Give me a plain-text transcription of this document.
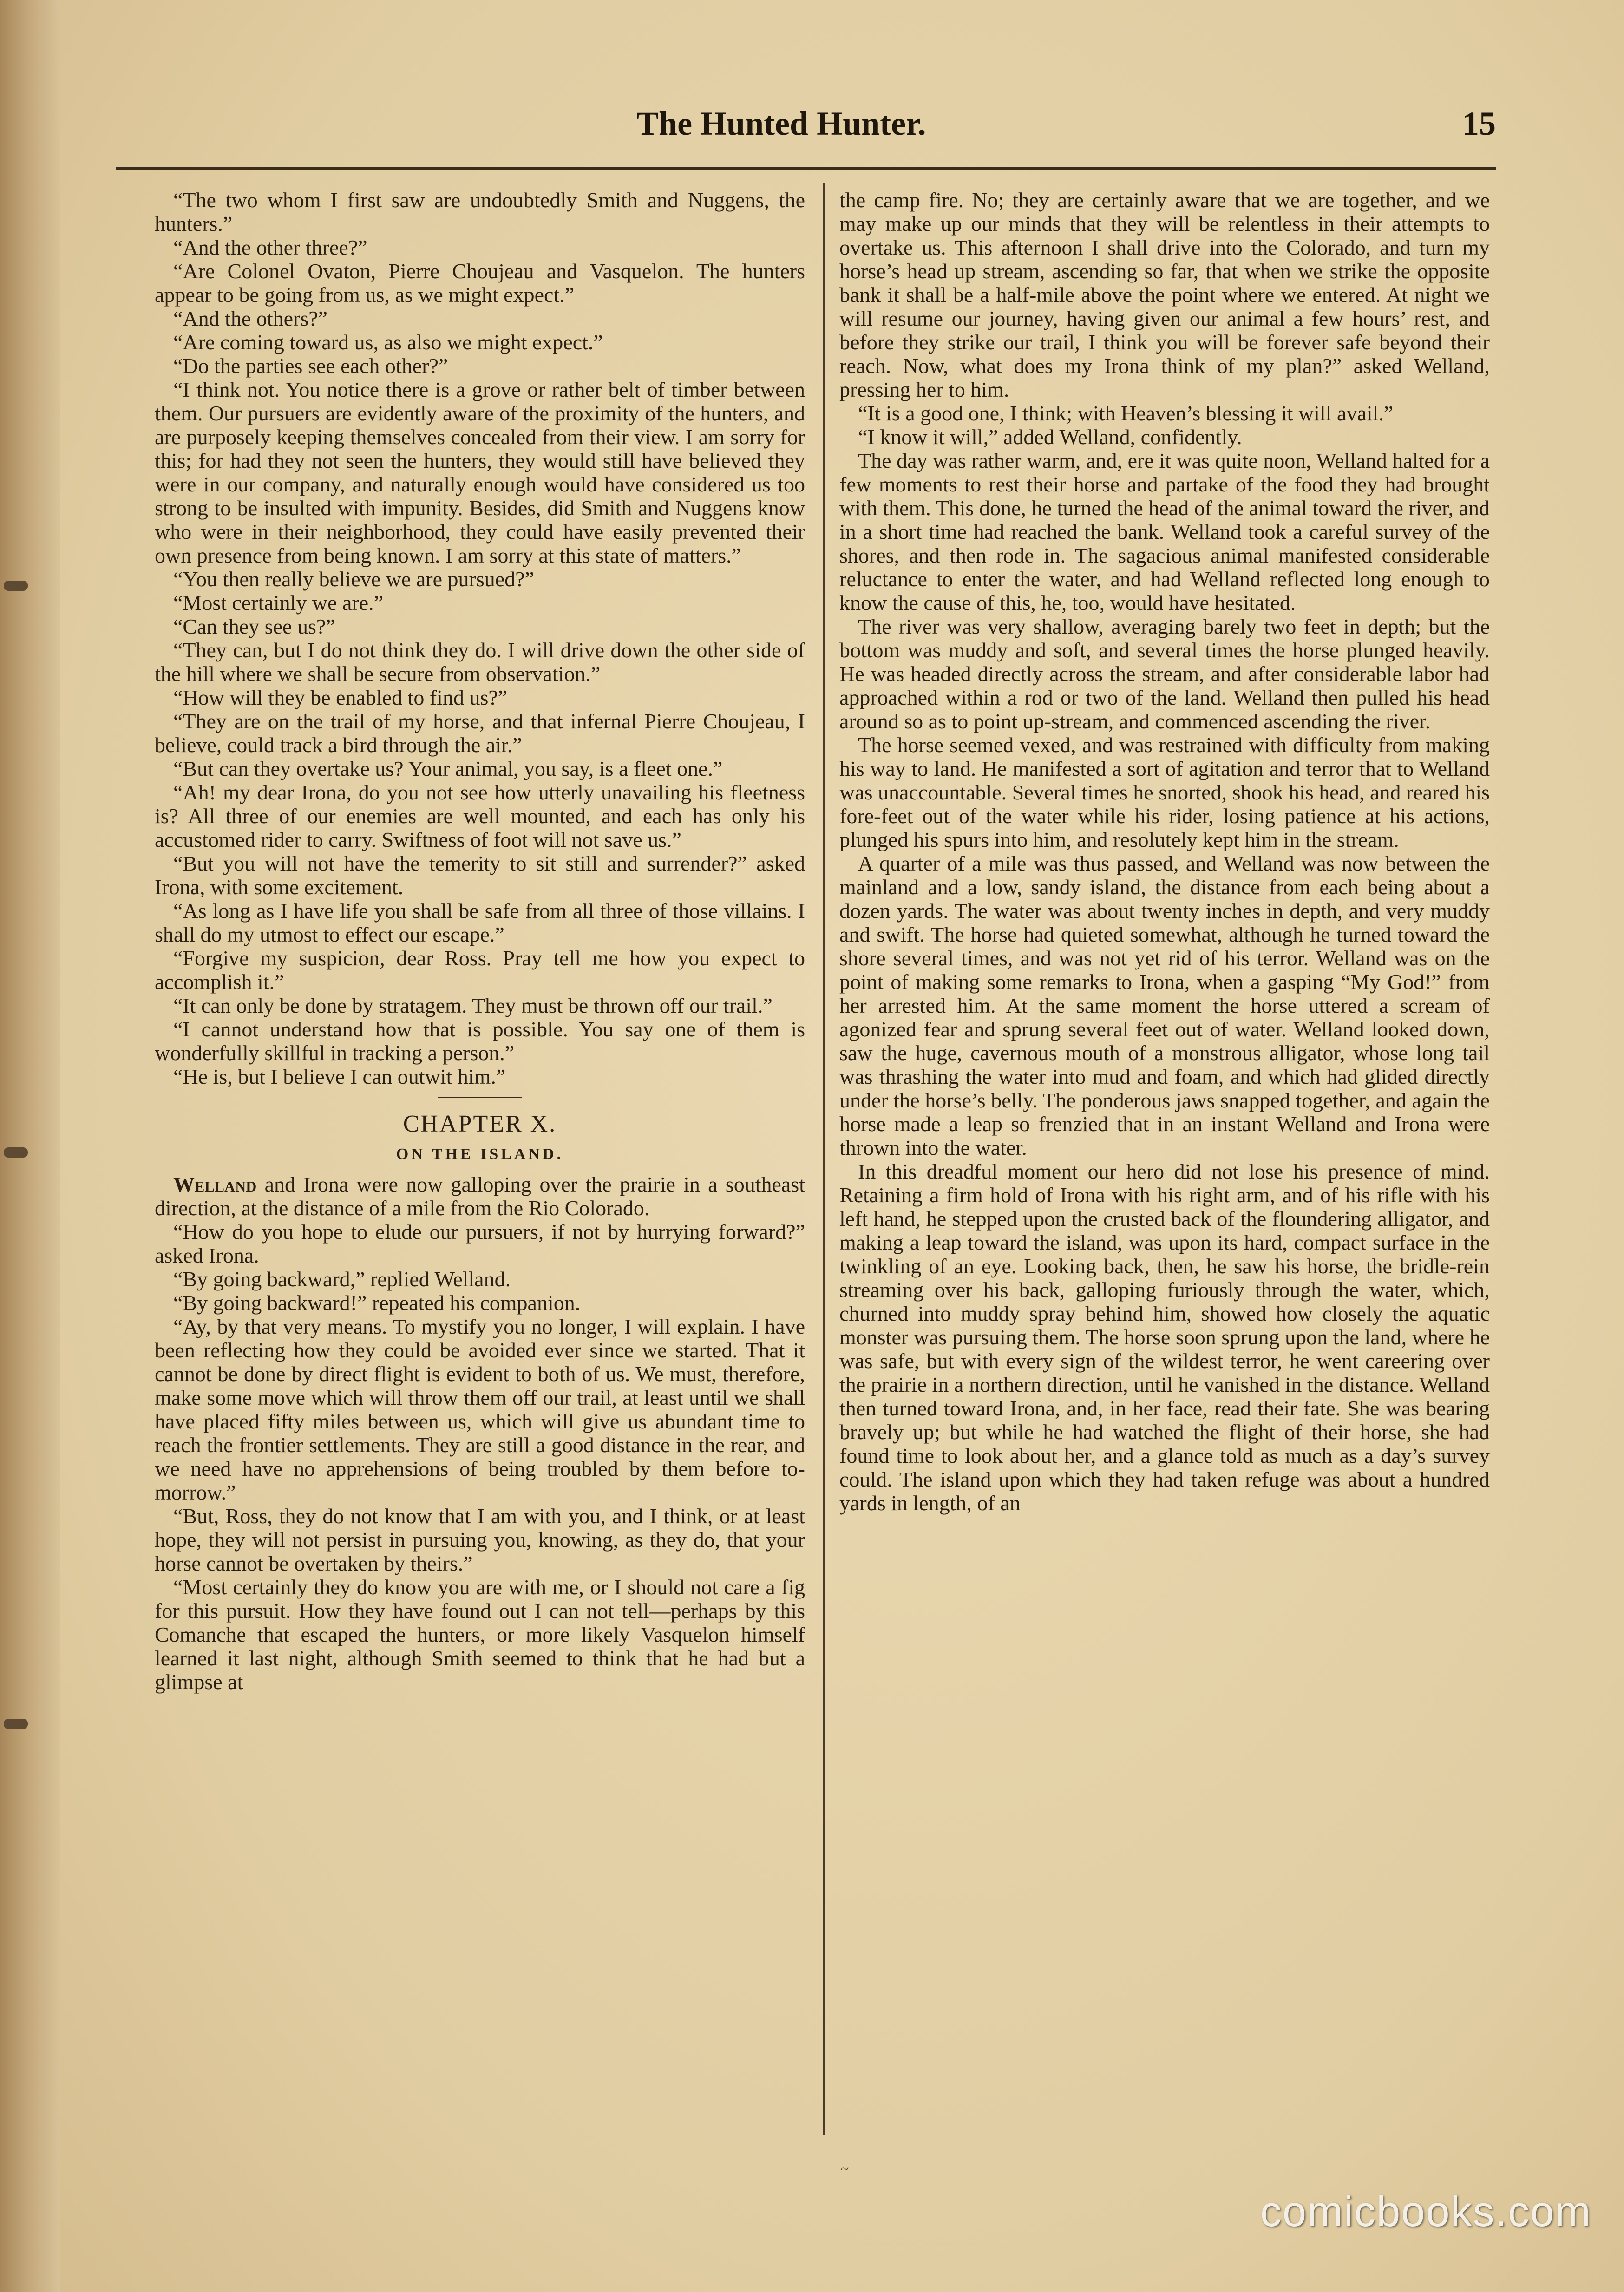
The Hunted Hunter.	15

“The two whom I first saw are undoubtedly Smith and Nuggens, the hunters.”

“And the other three?”

“Are Colonel Ovaton, Pierre Choujeau and Vasquelon. The hunters appear to be going from us, as we might expect.”

“And the others?”

“Are coming toward us, as also we might expect.”

“Do the parties see each other?”

“I think not. You notice there is a grove or rather belt of timber between them. Our pursuers are evidently aware of the proximity of the hunters, and are purposely keeping themselves concealed from their view. I am sorry for this; for had they not seen the hunters, they would still have believed they were in our company, and naturally enough would have considered us too strong to be insulted with impunity. Besides, did Smith and Nuggens know who were in their neighborhood, they could have easily prevented their own presence from being known. I am sorry at this state of matters.”

“You then really believe we are pursued?”

“Most certainly we are.”

“Can they see us?”

“They can, but I do not think they do. I will drive down the other side of the hill where we shall be secure from observation.”

“How will they be enabled to find us?”

“They are on the trail of my horse, and that infernal Pierre Choujeau, I believe, could track a bird through the air.”

“But can they overtake us? Your animal, you say, is a fleet one.”

“Ah! my dear Irona, do you not see how utterly unavailing his fleetness is? All three of our enemies are well mounted, and each has only his accustomed rider to carry. Swiftness of foot will not save us.”

“But you will not have the temerity to sit still and surrender?” asked Irona, with some excitement.

“As long as I have life you shall be safe from all three of those villains. I shall do my utmost to effect our escape.”

“Forgive my suspicion, dear Ross. Pray tell me how you expect to accomplish it.”

“It can only be done by stratagem. They must be thrown off our trail.”

“I cannot understand how that is possible. You say one of them is wonderfully skillful in tracking a person.”

“He is, but I believe I can outwit him.”

CHAPTER X.
ON THE ISLAND.

Welland and Irona were now galloping over the prairie in a southeast direction, at the distance of a mile from the Rio Colorado.

“How do you hope to elude our pursuers, if not by hurrying forward?” asked Irona.

“By going backward,” replied Welland.

“By going backward!” repeated his companion.

“Ay, by that very means. To mystify you no longer, I will explain. I have been reflecting how they could be avoided ever since we started. That it cannot be done by direct flight is evident to both of us. We must, therefore, make some move which will throw them off our trail, at least until we shall have placed fifty miles between us, which will give us abundant time to reach the frontier settlements. They are still a good distance in the rear, and we need have no apprehensions of being troubled by them before to-morrow.”

“But, Ross, they do not know that I am with you, and I think, or at least hope, they will not persist in pursuing you, knowing, as they do, that your horse cannot be overtaken by theirs.”

“Most certainly they do know you are with me, or I should not care a fig for this pursuit. How they have found out I can not tell—perhaps by this Comanche that escaped the hunters, or more likely Vasquelon himself learned it last night, although Smith seemed to think that he had but a glimpse at

the camp fire. No; they are certainly aware that we are together, and we may make up our minds that they will be relentless in their attempts to overtake us. This afternoon I shall drive into the Colorado, and turn my horse’s head up stream, ascending so far, that when we strike the opposite bank it shall be a half-mile above the point where we entered. At night we will resume our journey, having given our animal a few hours’ rest, and before they strike our trail, I think you will be forever safe beyond their reach. Now, what does my Irona think of my plan?” asked Welland, pressing her to him.

“It is a good one, I think; with Heaven’s blessing it will avail.”

“I know it will,” added Welland, confidently.

The day was rather warm, and, ere it was quite noon, Welland halted for a few moments to rest their horse and partake of the food they had brought with them. This done, he turned the head of the animal toward the river, and in a short time had reached the bank. Welland took a careful survey of the shores, and then rode in. The sagacious animal manifested considerable reluctance to enter the water, and had Welland reflected long enough to know the cause of this, he, too, would have hesitated.

The river was very shallow, averaging barely two feet in depth; but the bottom was muddy and soft, and several times the horse plunged heavily. He was headed directly across the stream, and after considerable labor had approached within a rod or two of the land. Welland then pulled his head around so as to point up-stream, and commenced ascending the river.

The horse seemed vexed, and was restrained with difficulty from making his way to land. He manifested a sort of agitation and terror that to Welland was unaccountable. Several times he snorted, shook his head, and reared his fore-feet out of the water while his rider, losing patience at his actions, plunged his spurs into him, and resolutely kept him in the stream.

A quarter of a mile was thus passed, and Welland was now between the mainland and a low, sandy island, the distance from each being about a dozen yards. The water was about twenty inches in depth, and very muddy and swift. The horse had quieted somewhat, although he turned toward the shore several times, and was not yet rid of his terror. Welland was on the point of making some remarks to Irona, when a gasping “My God!” from her arrested him. At the same moment the horse uttered a scream of agonized fear and sprung several feet out of water. Welland looked down, saw the huge, cavernous mouth of a monstrous alligator, whose long tail was thrashing the water into mud and foam, and which had glided directly under the horse’s belly. The ponderous jaws snapped together, and again the horse made a leap so frenzied that in an instant Welland and Irona were thrown into the water.

In this dreadful moment our hero did not lose his presence of mind. Retaining a firm hold of Irona with his right arm, and of his rifle with his left hand, he stepped upon the crusted back of the floundering alligator, and making a leap toward the island, was upon its hard, compact surface in the twinkling of an eye. Looking back, then, he saw his horse, the bridle-rein streaming over his back, galloping furiously through the water, which, churned into muddy spray behind him, showed how closely the aquatic monster was pursuing them. The horse soon sprung upon the land, where he was safe, but with every sign of the wildest terror, he went careering over the prairie in a northern direction, until he vanished in the distance. Welland then turned toward Irona, and, in her face, read their fate. She was bearing bravely up; but while he had watched the flight of their horse, she had found time to look about her, and a glance told as much as a day’s survey could. The island upon which they had taken refuge was about a hundred yards in length, of an

~
comicbooks.com
